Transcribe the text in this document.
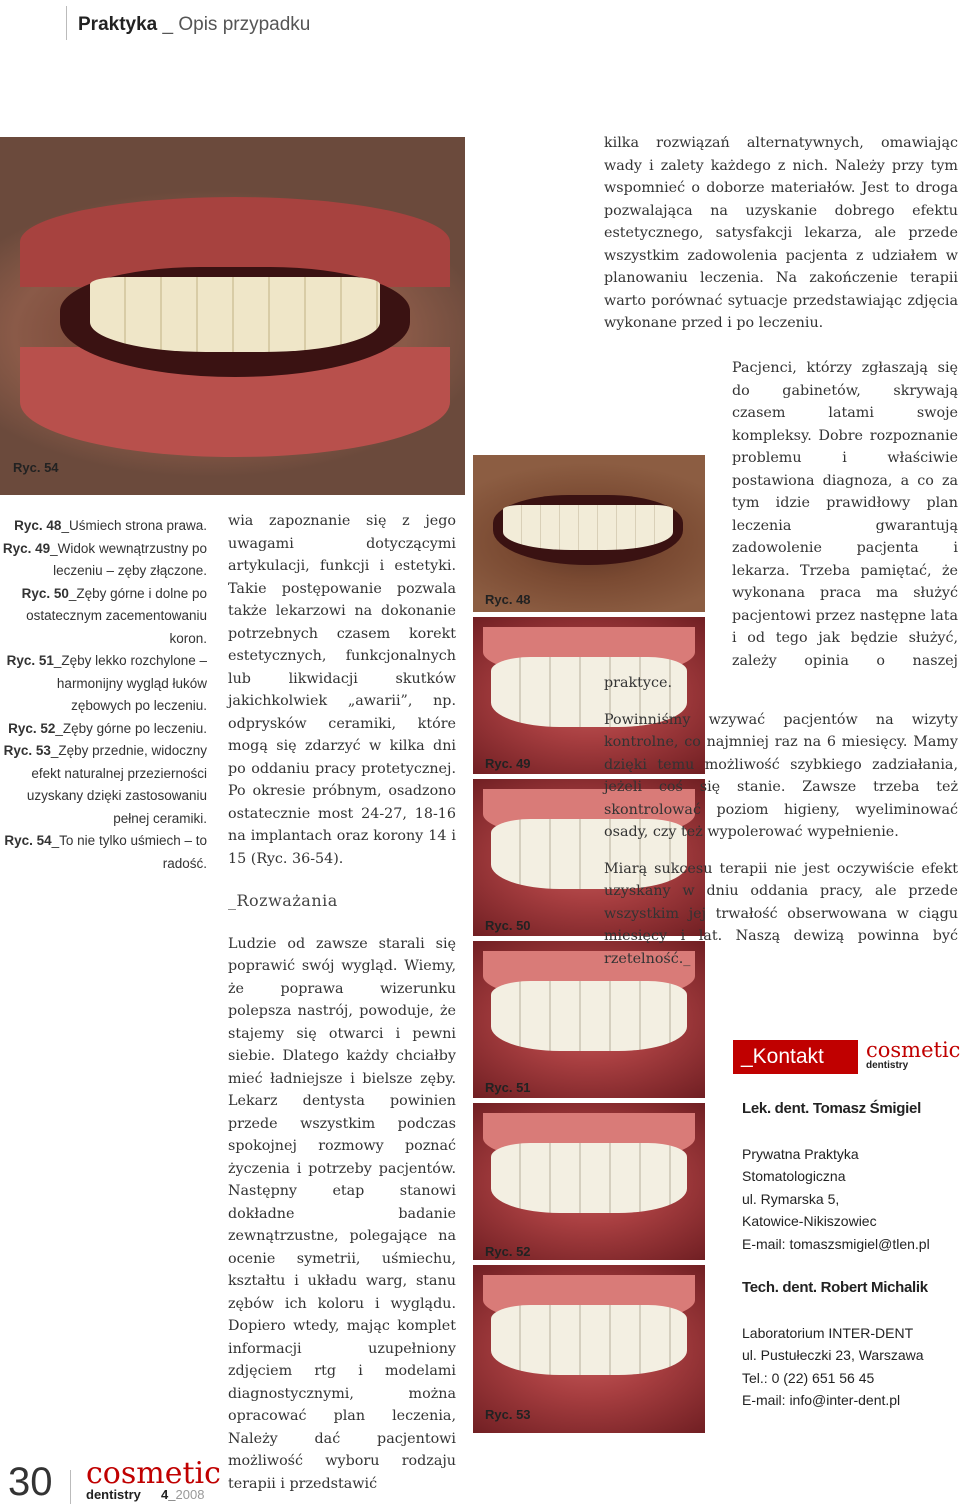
Praktyka _ Opis przypadku
Ryc. 54
Ryc. 48
Ryc. 49
Ryc. 50
Ryc. 51
Ryc. 52
Ryc. 53
Ryc. 48_Uśmiech strona prawa.
Ryc. 49_Widok wewnątrzustny po leczeniu – zęby złączone.
Ryc. 50_Zęby górne i dolne po ostatecznym zacementowaniu koron.
Ryc. 51_Zęby lekko rozchylone – harmonijny wygląd łuków zębowych po leczeniu.
Ryc. 52_Zęby górne po leczeniu.
Ryc. 53_Zęby przednie, widoczny efekt naturalnej przezierności uzyskany dzięki zastosowaniu pełnej ceramiki.
Ryc. 54_To nie tylko uśmiech – to radość.

wia zapoznanie się z jego uwagami dotyczącymi artykulacji, funkcji i estetyki. Takie postępowanie pozwala także lekarzowi na dokonanie potrzebnych czasem korekt estetycznych, funkcjonalnych lub likwidacji skutków jakichkolwiek „awarii”, np. odprysków ceramiki, które mogą się zdarzyć w kilka dni po oddaniu pracy protetycznej. Po okresie próbnym, osadzono ostatecznie most 24-27, 18-16 na implantach oraz korony 14 i 15 (Ryc. 36-54).

_Rozważania

Ludzie od zawsze starali się poprawić swój wygląd. Wiemy, że poprawa wizerunku polepsza nastrój, powoduje, że stajemy się otwarci i pewni siebie. Dlatego każdy chciałby mieć ładniejsze i bielsze zęby. Lekarz dentysta powinien przede wszystkim podczas spokojnej rozmowy poznać życzenia i potrzeby pacjentów. Następny etap stanowi dokładne badanie zewnątrzustne, polegające na ocenie symetrii, uśmiechu, kształtu i układu warg, stanu zębów ich koloru i wyglądu. Dopiero wtedy, mając komplet informacji uzupełniony zdjęciem rtg i modelami diagnostycznymi, można opracować plan leczenia, Należy dać pacjentowi możliwość wyboru rodzaju terapii i przedstawić

kilka rozwiązań alternatywnych, omawiając wady i zalety każdego z nich. Należy przy tym wspomnieć o doborze materiałów. Jest to droga pozwalająca na uzyskanie dobrego efektu estetycznego, satysfakcji lekarza, ale przede wszystkim zadowolenia pacjenta z udziałem w planowaniu leczenia. Na zakończenie terapii warto porównać sytuacje przedstawiając zdjęcia wykonane przed i po leczeniu.

Pacjenci, którzy zgłaszają się do gabinetów, skrywają czasem latami swoje kompleksy. Dobre rozpoznanie problemu i właściwie postawiona diagnoza, a co za tym idzie prawidłowy plan leczenia gwarantują zadowolenie pacjenta i lekarza. Trzeba pamiętać, że wykonana praca ma służyć pacjentowi przez następne lata i od tego jak będzie służyć, zależy opinia o naszej praktyce.

Powinniśmy wzywać pacjentów na wizyty kontrolne, co najmniej raz na 6 miesięcy. Mamy dzięki temu możliwość szybkiego zadziałania, jeżeli coś się stanie. Zawsze trzeba też skontrolować poziom higieny, wyeliminować osady, czy też wypolerować wypełnienie.

Miarą sukcesu terapii nie jest oczywiście efekt uzyskany w dniu oddania pracy, ale przede wszystkim jej trwałość obserwowana w ciągu miesięcy i lat. Naszą dewizą powinna być rzetelność._

_Kontakt	cosmetic
dentistry
Lek. dent. Tomasz Śmigiel
Prywatna Praktyka
Stomatologiczna
ul. Rymarska 5,
Katowice-Nikiszowiec
E-mail: tomaszsmigiel@tlen.pl
Tech. dent. Robert Michalik
Laboratorium INTER-DENT
ul. Pustułeczki 23, Warszawa
Tel.: 0 (22) 651 56 45
E-mail: info@inter-dent.pl
30 cosmetic
dentistry 4_2008
